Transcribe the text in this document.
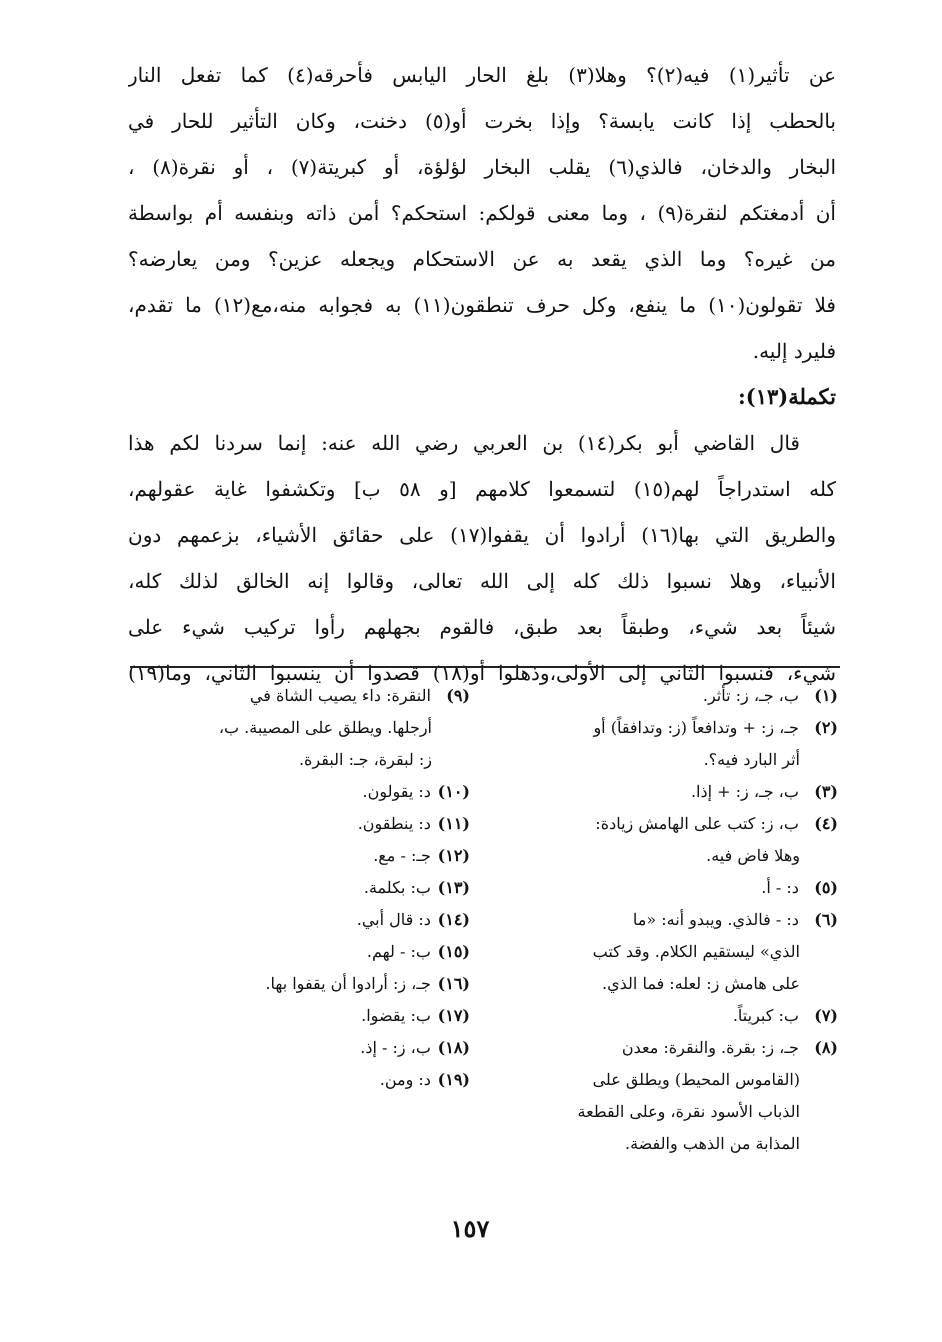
عن تأثير(١) فيه(٢)؟ وهلا(٣) بلغ الحار اليابس فأحرقه(٤) كما تفعل النار
بالحطب إذا كانت يابسة؟ وإذا بخرت أو(٥) دخنت، وكان التأثير للحار في
البخار والدخان، فالذي(٦) يقلب البخار لؤلؤة، أو كبريتة(٧) ، أو نقرة(٨) ،
أن أدمغتكم لنقرة(٩) ، وما معنى قولكم: استحكم؟ أمن ذاته وبنفسه أم بواسطة
من غيره؟ وما الذي يقعد به عن الاستحكام ويجعله عزين؟ ومن يعارضه؟
فلا تقولون(١٠) ما ينفع، وكل حرف تنطقون(١١) به فجوابه منه،مع(١٢) ما تقدم،
فليرد إليه.
تكملة(١٣):
قال القاضي أبو بكر(١٤) بن العربي رضي الله عنه: إنما سردنا لكم هذا
كله استدراجاً لهم(١٥) لتسمعوا كلامهم [و ٥٨ ب] وتكشفوا غاية عقولهم،
والطريق التي بها(١٦) أرادوا أن يقفوا(١٧) على حقائق الأشياء، بزعمهم دون
الأنبياء، وهلا نسبوا ذلك كله إلى الله تعالى، وقالوا إنه الخالق لذلك كله،
شيئاً بعد شيء، وطبقاً بعد طبق، فالقوم بجهلهم رأوا تركيب شيء على
شيء، فنسبوا الثاني إلى الأولى،وذهلوا أو(١٨) قصدوا أن ينسبوا الثاني، وما(١٩)
(١) ب، جـ، ز: تأثر.
(٢) جـ، ز: + وتدافعاً (ز: وتدافقاً) أو
أثر البارد فيه؟.
(٣) ب، جـ، ز: + إذا.
(٤) ب، ز: كتب على الهامش زيادة:
وهلا فاض فيه.
(٥) د: - أ.
(٦) د: - فالذي. ويبدو أنه: «ما
الذي» ليستقيم الكلام. وقد كتب
على هامش ز: لعله: فما الذي.
(٧) ب: كبريتاً.
(٨) جـ، ز: بقرة. والنقرة: معدن
(القاموس المحيط) ويطلق على
الذباب الأسود نقرة، وعلى القطعة
المذابة من الذهب والفضة.
(٩) النقرة: داء يصيب الشاة في
أرجلها. ويطلق على المصيبة. ب،
ز: لبقرة، جـ: البقرة.
(١٠) د: يقولون.
(١١) د: ينطقون.
(١٢) جـ: - مع.
(١٣) ب: بكلمة.
(١٤) د: قال أبي.
(١٥) ب: - لهم.
(١٦) جـ، ز: أرادوا أن يقفوا بها.
(١٧) ب: يقضوا.
(١٨) ب، ز: - إذ.
(١٩) د: ومن.
١٥٧
